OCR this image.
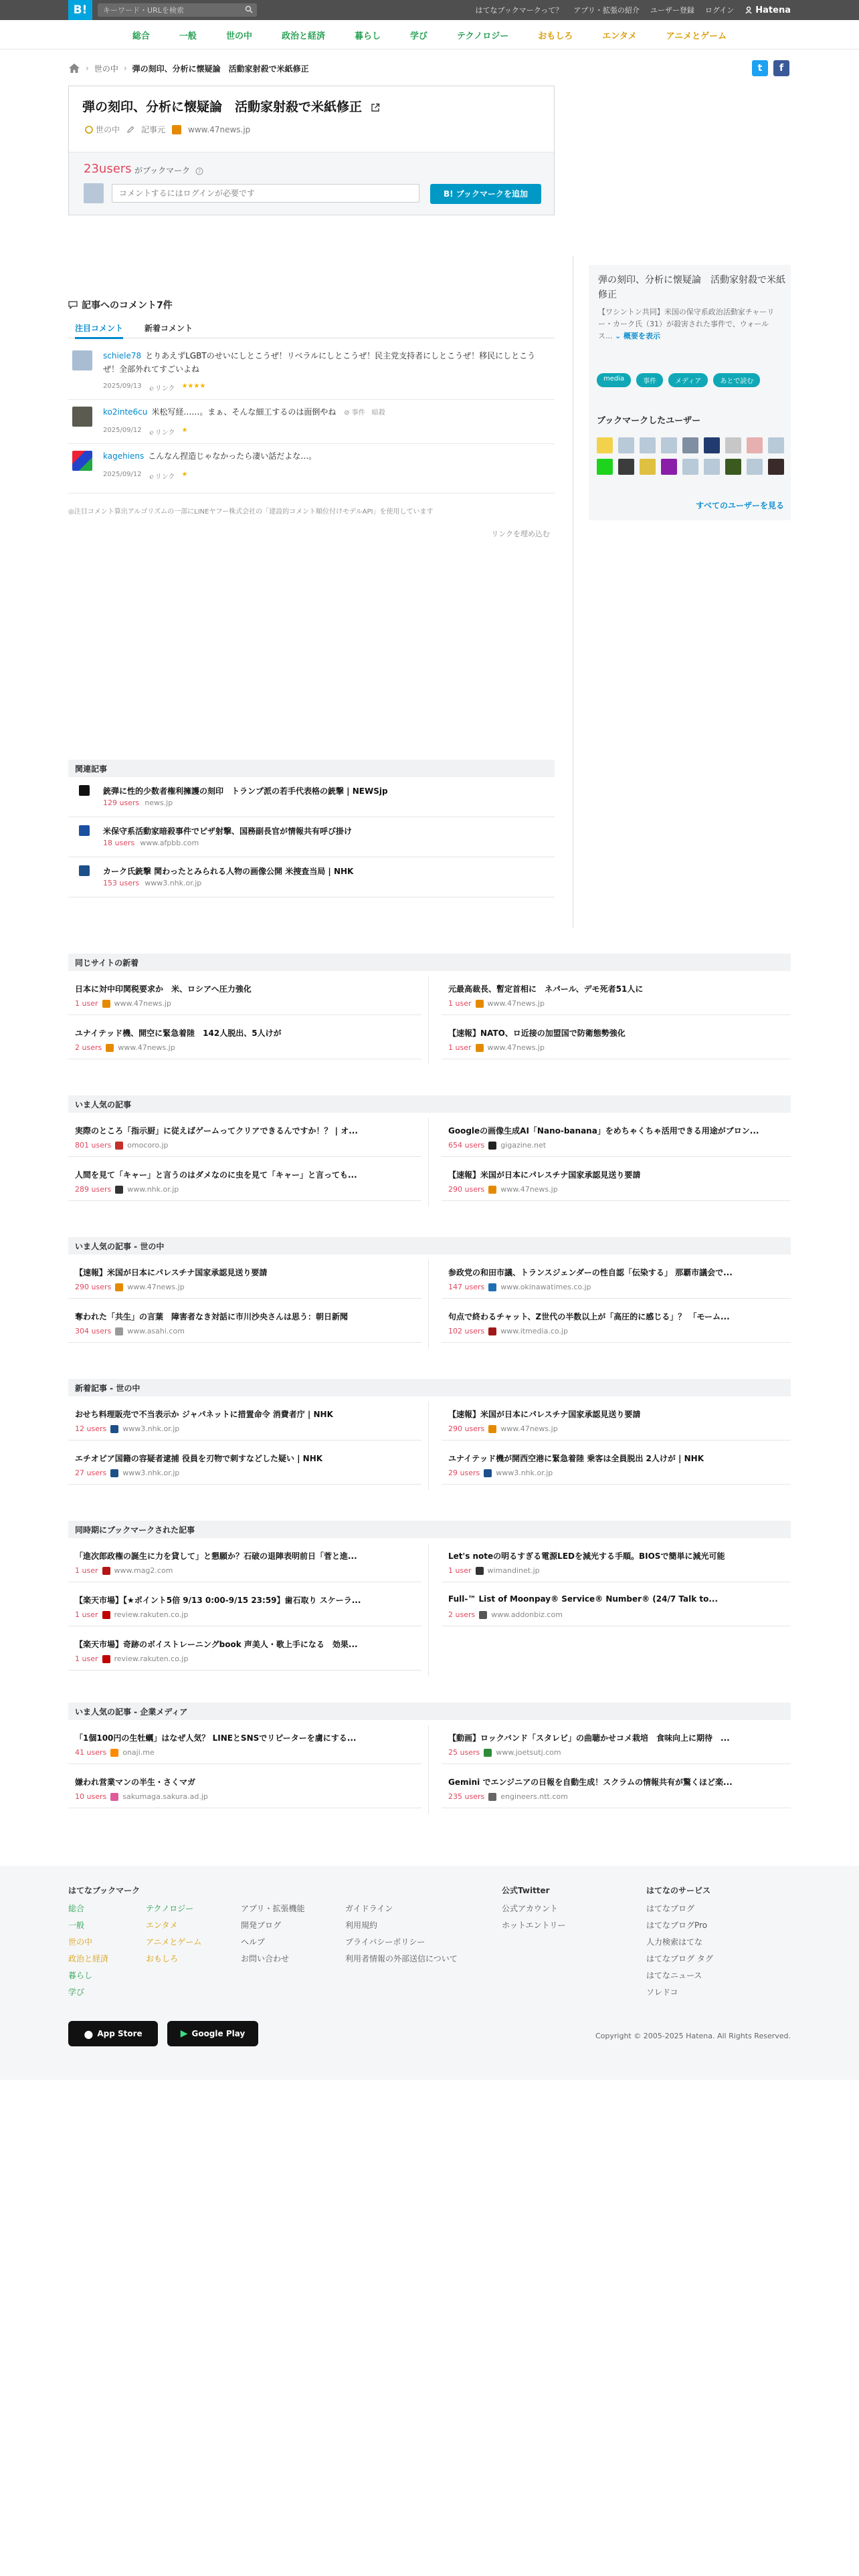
B!
キーワード・URLを検索	はてなブックマークって？ アプリ・拡張の紹介 ユーザー登録 ログイン Hatena
総合	一般	世の中	政治と経済	暮らし	学び	テクノロジー	おもしろ	エンタメ	アニメとゲーム
› 世の中 › 弾の刻印、分析に懐疑論　活動家射殺で米紙修正	t	f
弾の刻印、分析に懐疑論　活動家射殺で米紙修正
世の中	記事元	www.47news.jp
23users がブックマーク ?
コメントするにはログインが必要です
B! ブックマークを追加
弾の刻印、分析に懐疑論　活動家射殺で米紙修正
【ワシントン共同】米国の保守系政治活動家チャーリー・カーク氏（31）が殺害された事件で、ウォールス... ⌄ 概要を表示
media	事件	メディア	あとで読む
ブックマークしたユーザー
すべてのユーザーを見る
記事へのコメント7件
注目コメント	新着コメント
schiele78 とりあえずLGBTのせいにしとこうぜ！リベラルにしとこうぜ！民主党支持者にしとこうぜ！移民にしとこうぜ！全部外れてすごいよね
2025/09/13 ｅリンク ★★★★
ko2inte6cu 米松写経……。まぁ、そんな細工するのは面倒やね ⊘ 事件　暗殺
2025/09/12 ｅリンク ★
kagehiens こんなん捏造じゃなかったら凄い話だよな…。
2025/09/12 ｅリンク ★
◎注目コメント算出アルゴリズムの一部にLINEヤフー株式会社の「建設的コメント順位付けモデルAPI」を使用しています
リンクを埋め込む
関連記事
銃弾に性的少数者権利擁護の刻印　トランプ派の若手代表格の銃撃 | NEWSjp
129 users news.jp
米保守系活動家暗殺事件でピザ射撃、国務副長官が情報共有呼び掛け
18 users www.afpbb.com
カーク氏銃撃 関わったとみられる人物の画像公開 米捜査当局 | NHK
153 users www3.nhk.or.jp
同じサイトの新着
日本に対中印関税要求か　米、ロシアへ圧力強化
1 user www.47news.jp
元最高裁長、暫定首相に　ネパール、デモ死者51人に
1 user www.47news.jp
ユナイテッド機、開空に緊急着陸　142人脱出、5人けが
2 users www.47news.jp
【速報】NATO、ロ近接の加盟国で防衛態勢強化
1 user www.47news.jp
いま人気の記事
実際のところ「指示厨」に従えばゲームってクリアできるんですか！？ | オ...
801 users omocoro.jp
Googleの画像生成AI「Nano-banana」をめちゃくちゃ活用できる用途がブロン...
654 users gigazine.net
人間を見て「キャー」と言うのはダメなのに虫を見て「キャー」と言っても...
289 users www.nhk.or.jp
【速報】米国が日本にパレスチナ国家承認見送り要請
290 users www.47news.jp
いま人気の記事 - 世の中
【速報】米国が日本にパレスチナ国家承認見送り要請
290 users www.47news.jp
参政党の和田市議、トランスジェンダーの性自認「伝染する」 那覇市議会で...
147 users www.okinawatimes.co.jp
奪われた「共生」の言葉　障害者なき対話に市川沙央さんは思う：朝日新聞
304 users www.asahi.com
句点で終わるチャット、Z世代の半数以上が「高圧的に感じる」？ 「モーム...
102 users www.itmedia.co.jp
新着記事 - 世の中
おせち料理販売で不当表示か ジャパネットに措置命令 消費者庁 | NHK
12 users www3.nhk.or.jp
【速報】米国が日本にパレスチナ国家承認見送り要請
290 users www.47news.jp
エチオピア国籍の容疑者逮捕 役員を刃物で刺すなどした疑い | NHK
27 users www3.nhk.or.jp
ユナイテッド機が開西空港に緊急着陸 乗客は全員脱出 2人けが | NHK
29 users www3.nhk.or.jp
同時期にブックマークされた記事
「進次郎政権の誕生に力を貸して」と懇願か？石破の退陣表明前日「菅と進...
1 user www.mag2.com
Let's noteの明るすぎる電源LEDを減光する手順。BIOSで簡単に減光可能
1 user wimandinet.jp
【楽天市場】【★ポイント5倍 9/13 0:00-9/15 23:59】歯石取り スケーラ...
1 user review.rakuten.co.jp
Full-™ List of Moonpay® Service® Number® (24/7 Talk to...
2 users www.addonbiz.com
【楽天市場】奇跡のボイストレーニングbook 声美人・歌上手になる　効果...
1 user review.rakuten.co.jp
いま人気の記事 - 企業メディア
「1個100円の生牡蠣」はなぜ人気？ LINEとSNSでリピーターを虜にする...
41 users onaji.me
【動画】ロックバンド「スタレビ」の曲聴かせコメ栽培　食味向上に期待　...
25 users www.joetsutj.com
嫌われ営業マンの半生・さくマガ
10 users sakumaga.sakura.ad.jp
Gemini でエンジニアの日報を自動生成！スクラムの情報共有が驚くほど楽...
235 users engineers.ntt.com
はてなブックマーク
総合
一般
世の中
政治と経済
暮らし
学び
テクノロジー
エンタメ
アニメとゲーム
おもしろ
アプリ・拡張機能
開発ブログ
ヘルプ
お問い合わせ
ガイドライン
利用規約
プライバシーポリシー
利用者情報の外部送信について
公式Twitter
公式アカウント
ホットエントリー
はてなのサービス
はてなブログ
はてなブログPro
人力検索はてな
はてなブログ タグ
はてなニュース
ソレドコ
● App Store	▶ Google Play	Copyright © 2005-2025 Hatena. All Rights Reserved.
